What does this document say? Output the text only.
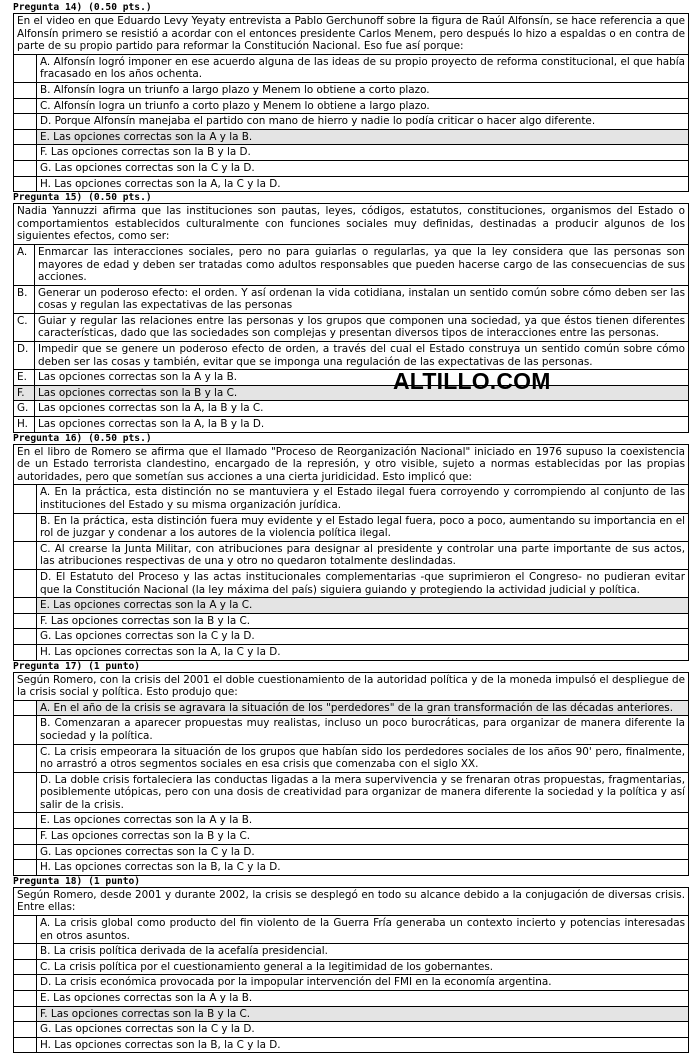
Pregunta 14) (0.50 pts.)
En el video en que Eduardo Levy Yeyaty entrevista a Pablo Gerchunoff sobre la figura de Raúl Alfonsín, se hace referencia a que Alfonsín primero se resistió a acordar con el entonces presidente Carlos Menem, pero después lo hizo a espaldas o en contra de parte de su propio partido para reformar la Constitución Nacional. Eso fue así porque:
	A. Alfonsín logró imponer en ese acuerdo alguna de las ideas de su propio proyecto de reforma constitucional, el que había fracasado en los años ochenta.
	B. Alfonsín logra un triunfo a largo plazo y Menem lo obtiene a corto plazo.
	C. Alfonsín logra un triunfo a corto plazo y Menem lo obtiene a largo plazo.
	D. Porque Alfonsín manejaba el partido con mano de hierro y nadie lo podía criticar o hacer algo diferente.
	E. Las opciones correctas son la A y la B.
	F. Las opciones correctas son la B y la D.
	G. Las opciones correctas son la C y la D.
	H. Las opciones correctas son la A, la C y la D.
Pregunta 15) (0.50 pts.)
Nadia Yannuzzi afirma que las instituciones son pautas, leyes, códigos, estatutos, constituciones, organismos del Estado o comportamientos establecidos culturalmente con funciones sociales muy definidas, destinadas a producir algunos de los siguientes efectos, como ser:
A.	Enmarcar las interacciones sociales, pero no para guiarlas o regularlas, ya que la ley considera que las personas son mayores de edad y deben ser tratadas como adultos responsables que pueden hacerse cargo de las consecuencias de sus acciones.
B.	Generar un poderoso efecto: el orden. Y así ordenan la vida cotidiana, instalan un sentido común sobre cómo deben ser las cosas y regulan las expectativas de las personas
C.	Guiar y regular las relaciones entre las personas y los grupos que componen una sociedad, ya que éstos tienen diferentes características, dado que las sociedades son complejas y presentan diversos tipos de interacciones entre las personas.
D.	Impedir que se genere un poderoso efecto de orden, a través del cual el Estado construya un sentido común sobre cómo deben ser las cosas y también, evitar que se imponga una regulación de las expectativas de las personas.
E.	Las opciones correctas son la A y la B.
F.	Las opciones correctas son la B y la C.
G.	Las opciones correctas son la A, la B y la C.
H.	Las opciones correctas son la A, la B y la D.
Pregunta 16) (0.50 pts.)
En el libro de Romero se afirma que el llamado "Proceso de Reorganización Nacional" iniciado en 1976 supuso la coexistencia de un Estado terrorista clandestino, encargado de la represión, y otro visible, sujeto a normas establecidas por las propias autoridades, pero que sometían sus acciones a una cierta juridicidad. Esto implicó que:
	A. En la práctica, esta distinción no se mantuviera y el Estado ilegal fuera corroyendo y corrompiendo al conjunto de las instituciones del Estado y su misma organización jurídica.
	B. En la práctica, esta distinción fuera muy evidente y el Estado legal fuera, poco a poco, aumentando su importancia en el rol de juzgar y condenar a los autores de la violencia política ilegal.
	C. Al crearse la Junta Militar, con atribuciones para designar al presidente y controlar una parte importante de sus actos, las atribuciones respectivas de una y otro no quedaron totalmente deslindadas.
	D. El Estatuto del Proceso y las actas institucionales complementarias -que suprimieron el Congreso- no pudieran evitar que la Constitución Nacional (la ley máxima del país) siguiera guiando y protegiendo la actividad judicial y política.
	E. Las opciones correctas son la A y la C.
	F. Las opciones correctas son la B y la C.
	G. Las opciones correctas son la C y la D.
	H. Las opciones correctas son la A, la C y la D.
Pregunta 17) (1 punto)
Según Romero, con la crisis del 2001 el doble cuestionamiento de la autoridad política y de la moneda impulsó el despliegue de la crisis social y política. Esto produjo que:
	A. En el año de la crisis se agravara la situación de los "perdedores" de la gran transformación de las décadas anteriores.
	B. Comenzaran a aparecer propuestas muy realistas, incluso un poco burocráticas, para organizar de manera diferente la sociedad y la política.
	C. La crisis empeorara la situación de los grupos que habían sido los perdedores sociales de los años 90' pero, finalmente, no arrastró a otros segmentos sociales en esa crisis que comenzaba con el siglo XX.
	D. La doble crisis fortaleciera las conductas ligadas a la mera supervivencia y se frenaran otras propuestas, fragmentarias, posiblemente utópicas, pero con una dosis de creatividad para organizar de manera diferente la sociedad y la política y así salir de la crisis.
	E. Las opciones correctas son la A y la B.
	F. Las opciones correctas son la B y la C.
	G. Las opciones correctas son la C y la D.
	H. Las opciones correctas son la B, la C y la D.
Pregunta 18) (1 punto)
Según Romero, desde 2001 y durante 2002, la crisis se desplegó en todo su alcance debido a la conjugación de diversas crisis. Entre ellas:
	A. La crisis global como producto del fin violento de la Guerra Fría generaba un contexto incierto y potencias interesadas en otros asuntos.
	B. La crisis política derivada de la acefalía presidencial.
	C. La crisis política por el cuestionamiento general a la legitimidad de los gobernantes.
	D. La crisis económica provocada por la impopular intervención del FMI en la economía argentina.
	E. Las opciones correctas son la A y la B.
	F. Las opciones correctas son la B y la C.
	G. Las opciones correctas son la C y la D.
	H. Las opciones correctas son la B, la C y la D.
ALTILLO.COM
